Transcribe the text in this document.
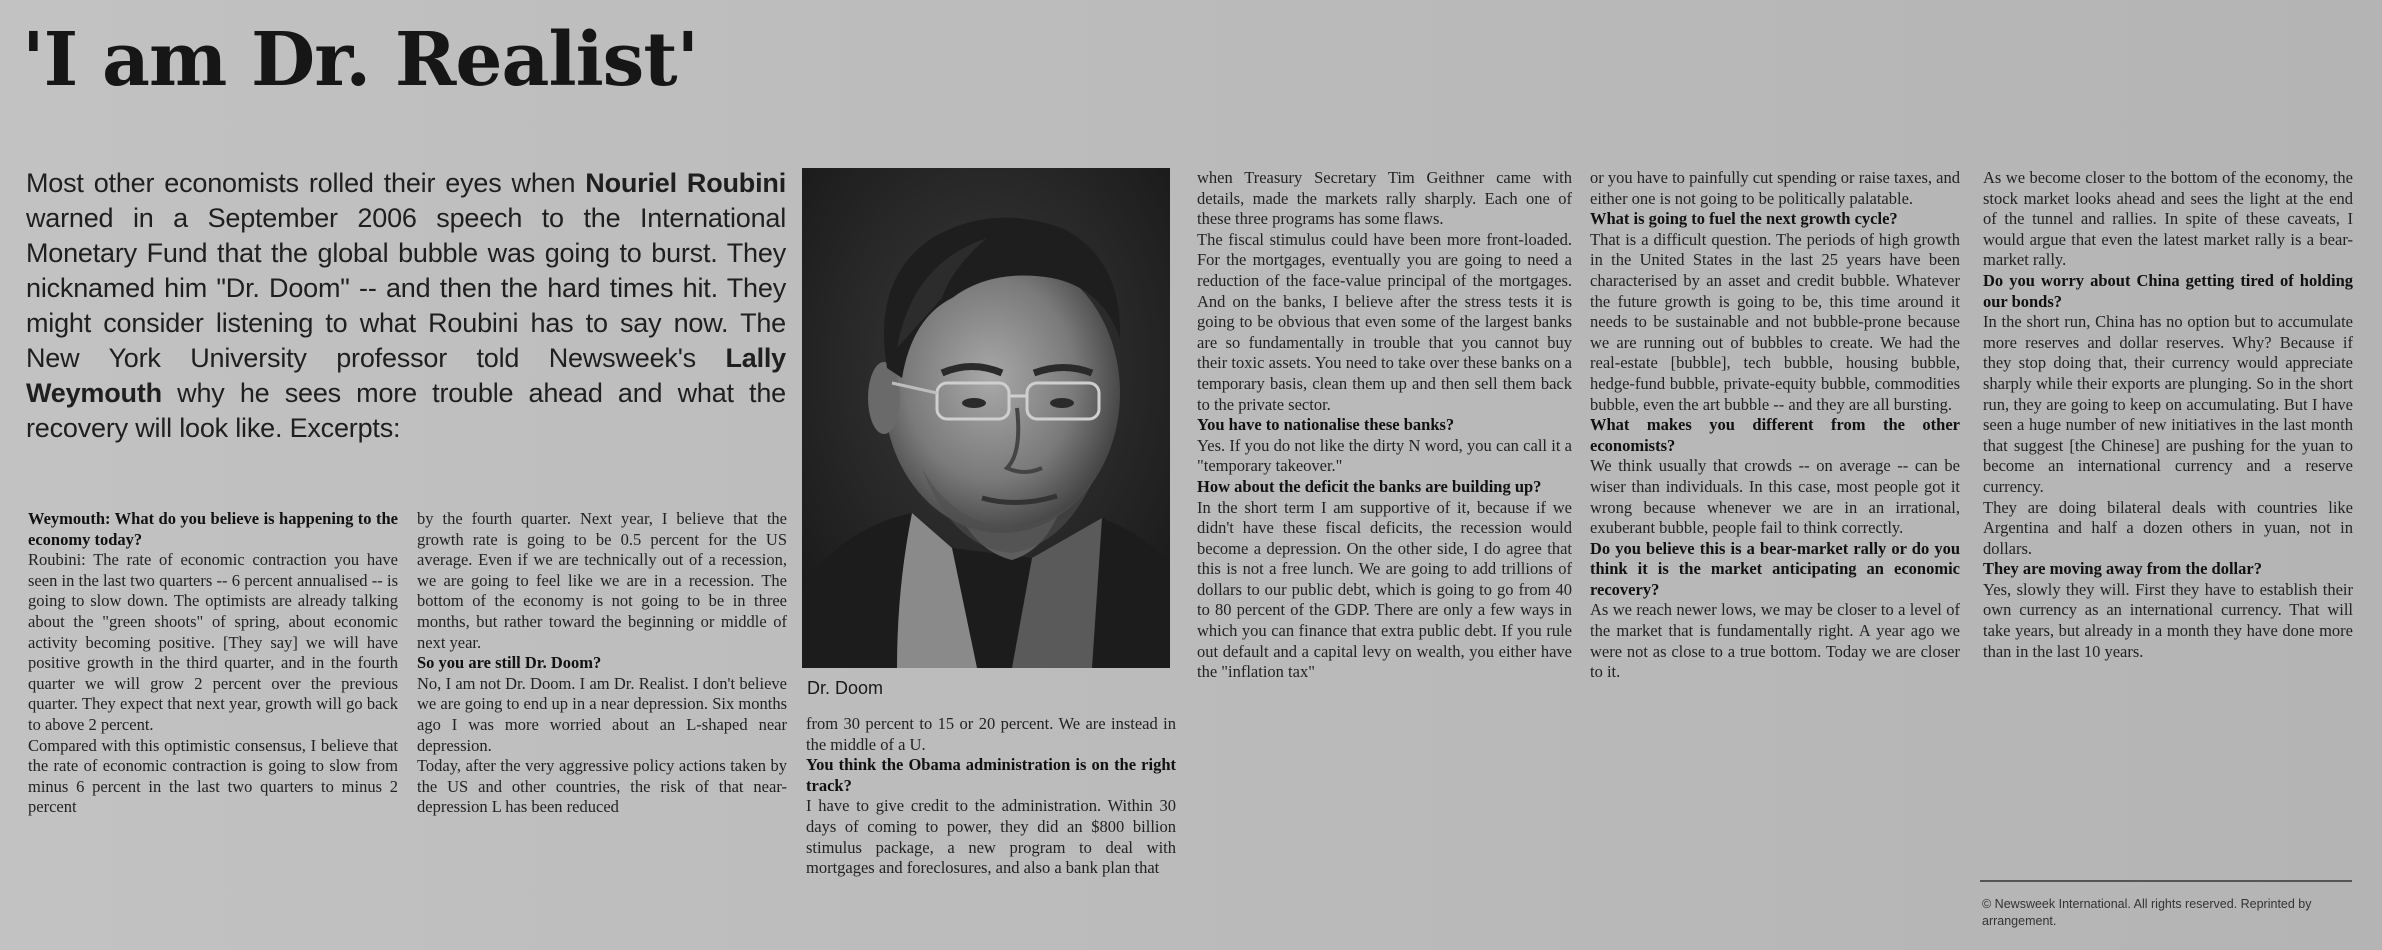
'I am Dr. Realist'

Most other economists rolled their eyes when Nouriel Roubini warned in a September 2006 speech to the International Monetary Fund that the global bubble was going to burst. They nicknamed him "Dr. Doom" -- and then the hard times hit. They might consider listening to what Roubini has to say now. The New York University professor told Newsweek's Lally Weymouth why he sees more trouble ahead and what the recovery will look like. Excerpts:

Dr. Doom

Weymouth: What do you believe is happening to the economy today?

Roubini: The rate of economic contraction you have seen in the last two quarters -- 6 percent annualised -- is going to slow down. The optimists are already talking about the "green shoots" of spring, about economic activity becoming positive. [They say] we will have positive growth in the third quarter, and in the fourth quarter we will grow 2 percent over the previous quarter. They expect that next year, growth will go back to above 2 percent.

Compared with this optimistic consensus, I believe that the rate of economic contraction is going to slow from minus 6 percent in the last two quarters to minus 2 percent

by the fourth quarter. Next year, I believe that the growth rate is going to be 0.5 percent for the US average. Even if we are technically out of a recession, we are going to feel like we are in a recession. The bottom of the economy is not going to be in three months, but rather toward the beginning or middle of next year.

So you are still Dr. Doom?

No, I am not Dr. Doom. I am Dr. Realist. I don't believe we are going to end up in a near depression. Six months ago I was more worried about an L-shaped near depression.

Today, after the very aggressive policy actions taken by the US and other countries, the risk of that near-depression L has been reduced

from 30 percent to 15 or 20 percent. We are instead in the middle of a U.

You think the Obama administration is on the right track?

I have to give credit to the administration. Within 30 days of coming to power, they did an $800 billion stimulus package, a new program to deal with mortgages and foreclosures, and also a bank plan that

when Treasury Secretary Tim Geithner came with details, made the markets rally sharply. Each one of these three programs has some flaws.

The fiscal stimulus could have been more front-loaded. For the mortgages, eventually you are going to need a reduction of the face-value principal of the mortgages. And on the banks, I believe after the stress tests it is going to be obvious that even some of the largest banks are so fundamentally in trouble that you cannot buy their toxic assets. You need to take over these banks on a temporary basis, clean them up and then sell them back to the private sector.

You have to nationalise these banks?

Yes. If you do not like the dirty N word, you can call it a "temporary takeover."

How about the deficit the banks are building up?

In the short term I am supportive of it, because if we didn't have these fiscal deficits, the recession would become a depression. On the other side, I do agree that this is not a free lunch. We are going to add trillions of dollars to our public debt, which is going to go from 40 to 80 percent of the GDP. There are only a few ways in which you can finance that extra public debt. If you rule out default and a capital levy on wealth, you either have the "inflation tax"

or you have to painfully cut spending or raise taxes, and either one is not going to be politically palatable.

What is going to fuel the next growth cycle?

That is a difficult question. The periods of high growth in the United States in the last 25 years have been characterised by an asset and credit bubble. Whatever the future growth is going to be, this time around it needs to be sustainable and not bubble-prone because we are running out of bubbles to create. We had the real-estate [bubble], tech bubble, housing bubble, hedge-fund bubble, private-equity bubble, commodities bubble, even the art bubble -- and they are all bursting.

What makes you different from the other economists?

We think usually that crowds -- on average -- can be wiser than individuals. In this case, most people got it wrong because whenever we are in an irrational, exuberant bubble, people fail to think correctly.

Do you believe this is a bear-market rally or do you think it is the market anticipating an economic recovery?

As we reach newer lows, we may be closer to a level of the market that is fundamentally right. A year ago we were not as close to a true bottom. Today we are closer to it.

As we become closer to the bottom of the economy, the stock market looks ahead and sees the light at the end of the tunnel and rallies. In spite of these caveats, I would argue that even the latest market rally is a bear-market rally.

Do you worry about China getting tired of holding our bonds?

In the short run, China has no option but to accumulate more reserves and dollar reserves. Why? Because if they stop doing that, their currency would appreciate sharply while their exports are plunging. So in the short run, they are going to keep on accumulating. But I have seen a huge number of new initiatives in the last month that suggest [the Chinese] are pushing for the yuan to become an international currency and a reserve currency.

They are doing bilateral deals with countries like Argentina and half a dozen others in yuan, not in dollars.

They are moving away from the dollar?

Yes, slowly they will. First they have to establish their own currency as an international currency. That will take years, but already in a month they have done more than in the last 10 years.

© Newsweek International. All rights reserved. Reprinted by arrangement.
